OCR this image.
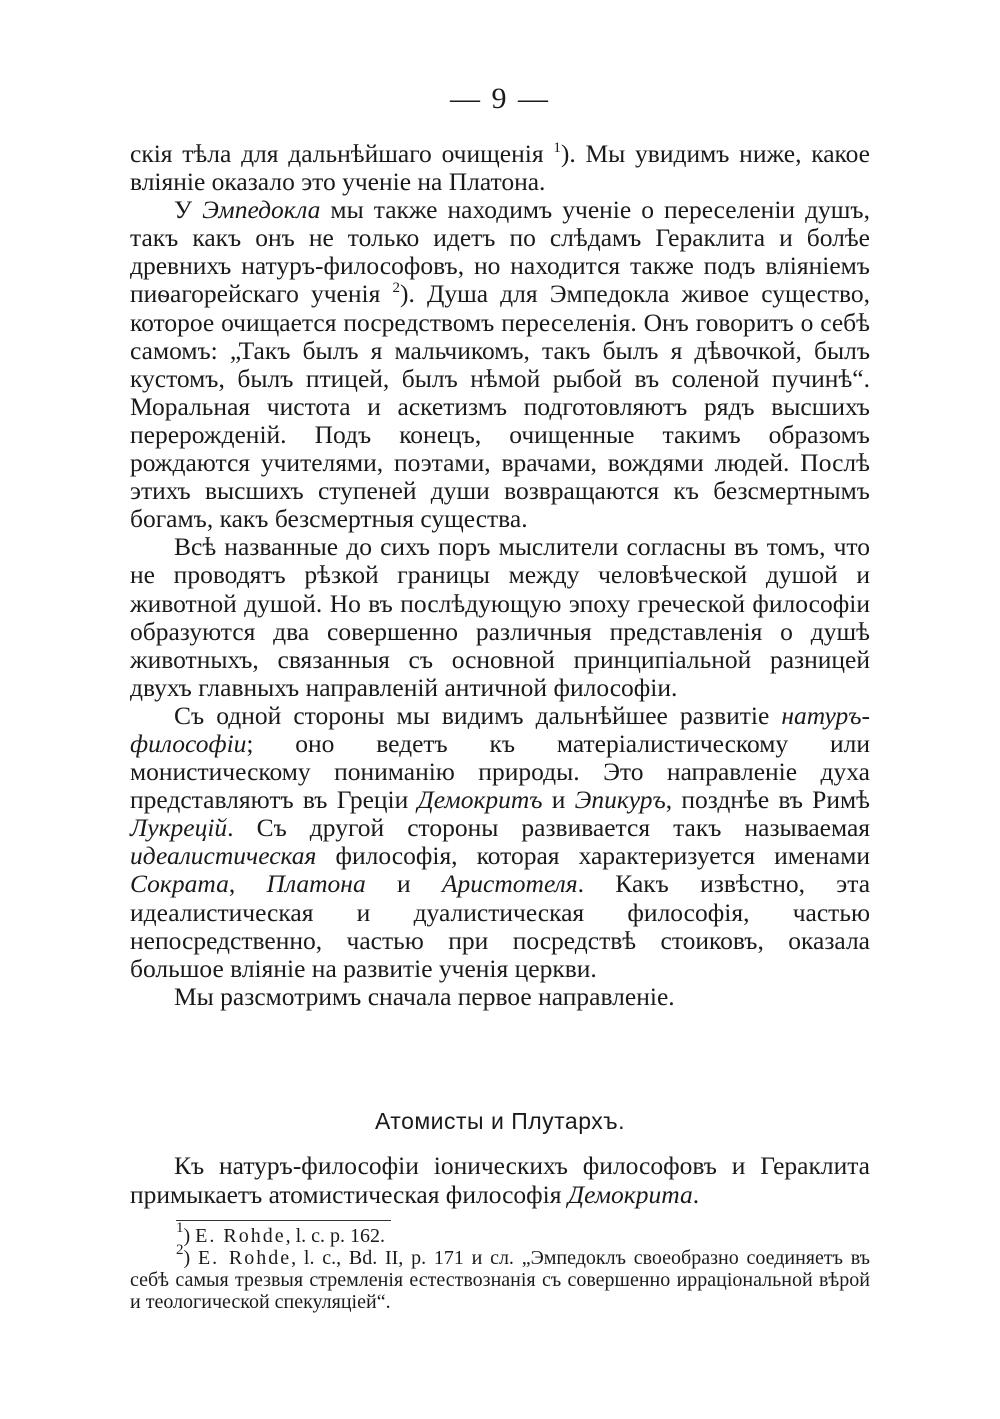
— 9 —

скія тѣла для дальнѣйшаго очищенія $^1$). Мы увидимъ ниже, какое вліяніе оказало это ученіе на Платона.

У Эмпедокла мы также находимъ ученіе о переселеніи душъ, такъ какъ онъ не только идетъ по слѣдамъ Гераклита и болѣе древнихъ натуръ-философовъ, но находится также подъ вліяніемъ пиѳагорейскаго ученія $^2$). Душа для Эмпедокла живое существо, которое очищается посредствомъ переселенія. Онъ говоритъ о себѣ самомъ: „Такъ былъ я мальчикомъ, такъ былъ я дѣвочкой, былъ кустомъ, былъ птицей, былъ нѣмой рыбой въ соленой пучинѣ“. Моральная чистота и аскетизмъ подготовляютъ рядъ высшихъ перерожденій. Подъ конецъ, очищенные такимъ образомъ рождаются учителями, поэтами, врачами, вождями людей. Послѣ этихъ высшихъ ступеней души возвращаются къ безсмертнымъ богамъ, какъ безсмертныя существа.

Всѣ названные до сихъ поръ мыслители согласны въ томъ, что не проводятъ рѣзкой границы между человѣческой душой и животной душой. Но въ послѣдующую эпоху греческой философіи образуются два совершенно различныя представленія о душѣ животныхъ, связанныя съ основной принципіальной разницей двухъ главныхъ направленій античной философіи.

Съ одной стороны мы видимъ дальнѣйшее развитіе натуръ-философіи; оно ведетъ къ матеріалистическому или монистическому пониманію природы. Это направленіе духа представляютъ въ Греціи Демокритъ и Эпикуръ, позднѣе въ Римѣ Лукрецій. Съ другой стороны развивается такъ называемая идеалистическая философія, которая характеризуется именами Сократа, Платона и Аристотеля. Какъ извѣстно, эта идеалистическая и дуалистическая философія, частью непосредственно, частью при посредствѣ стоиковъ, оказала большое вліяніе на развитіе ученія церкви.

Мы разсмотримъ сначала первое направленіе.

Атомисты и Плутархъ.

Къ натуръ-философіи іоническихъ философовъ и Гераклита примыкаетъ атомистическая философія Демокрита.

$^1$) E. Rohde, l. c. p. 162.

$^2$) E. Rohde, l. c., Bd. II, p. 171 и сл. „Эмпедоклъ своеобразно соединяетъ въ себѣ самыя трезвыя стремленія естествознанія съ совершенно ирраціональной вѣрой и теологической спекуляціей“.
